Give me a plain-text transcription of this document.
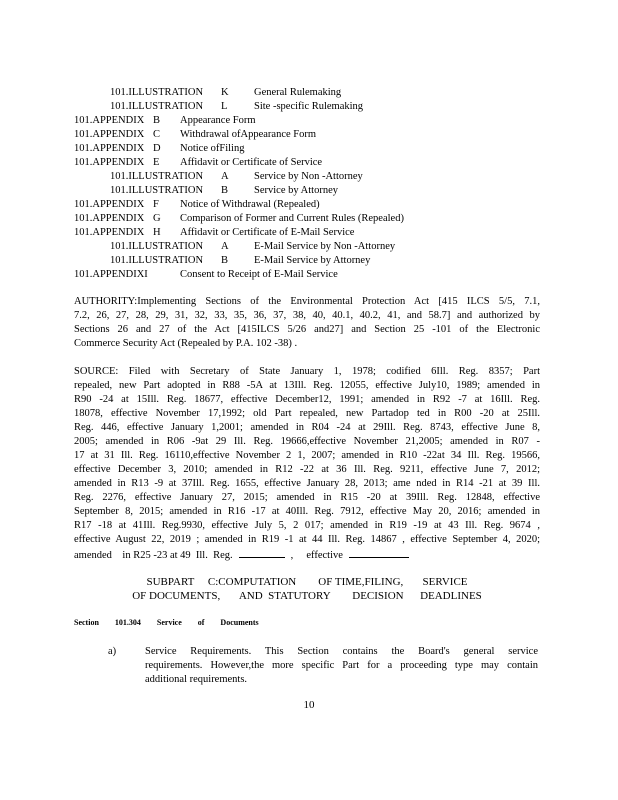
101.ILLUSTRATION K General Rulemaking
101.ILLUSTRATION L	Site -specific Rulemaking
101.APPENDIX B Appearance Form
101.APPENDIX C Withdrawal ofAppearance Form
101.APPENDIX D Notice ofFiling
101.APPENDIX E Affidavit or Certificate of Service
101.ILLUSTRATION A Service by Non -Attorney
101.ILLUSTRATION B Service by Attorney
101.APPENDIX F Notice of Withdrawal (Repealed)
101.APPENDIX G Comparison of Former and Current Rules (Repealed)
101.APPENDIX H Affidavit or Certificate of E-Mail Service
101.ILLUSTRATION A E-Mail Service by Non -Attorney
101.ILLUSTRATION B E-Mail Service by Attorney
101.APPENDIXI	Consent to Receipt of E-Mail Service
AUTHORITY:Implementing Sections of the Environmental Protection Act [415 ILCS 5/5, 7.1,
7.2, 26, 27, 28, 29, 31, 32, 33, 35, 36, 37, 38, 40, 40.1, 40.2, 41, and 58.7] and authorized by
Sections 26 and 27 of the Act [415ILCS 5/26 and27] and Section 25 -101 of the Electronic
Commerce Security Act (Repealed by P.A. 102 -38) .
SOURCE: Filed with Secretary of State January 1, 1978; codified 6Ill. Reg. 8357; Part
repealed, new Part adopted in R88 -5A at 13Ill. Reg. 12055, effective July10, 1989; amended in
R90 -24 at 15Ill. Reg. 18677, effective December12, 1991; amended in R92 -7 at 16Ill. Reg.
18078, effective November 17,1992; old Part repealed, new Partadop ted in R00 -20 at 25Ill.
Reg. 446, effective January 1,2001; amended in R04 -24 at 29Ill. Reg. 8743, effective June 8,
2005; amended in R06 -9at 29 Ill. Reg. 19666,effective November 21,2005; amended in R07 -
17 at 31 Ill. Reg. 16110,effective November 2 1, 2007; amended in R10 -22at 34 Ill. Reg. 19566,
effective December 3, 2010; amended in R12 -22 at 36 Ill. Reg. 9211, effective June 7, 2012;
amended in R13 -9 at 37Ill. Reg. 1655, effective January 28, 2013; ame nded in R14 -21 at 39 Ill.
Reg. 2276, effective January 27, 2015; amended in R15 -20 at 39Ill. Reg. 12848, effective
September 8, 2015; amended in R16 -17 at 40Ill. Reg. 7912, effective May 20, 2016; amended in
R17 -18 at 41Ill. Reg.9930, effective July 5, 2 017; amended in R19 -19 at 43 Ill. Reg. 9674 ,
effective August 22, 2019 ; amended in R19 -1 at 44 Ill. Reg. 14867 , effective September 4, 2020;
amended    in R25 -23 at 49  Ill.  Reg.	,     effective
SUBPART     C:COMPUTATION        OF TIME,FILING,       SERVICE
OF DOCUMENTS,       AND  STATUTORY        DECISION      DEADLINES
Section 101.304 Service of Documents
a)	Service Requirements. This Section contains the Board's general service
requirements. However,the more specific Part for a proceeding type may contain
additional requirements.
10
